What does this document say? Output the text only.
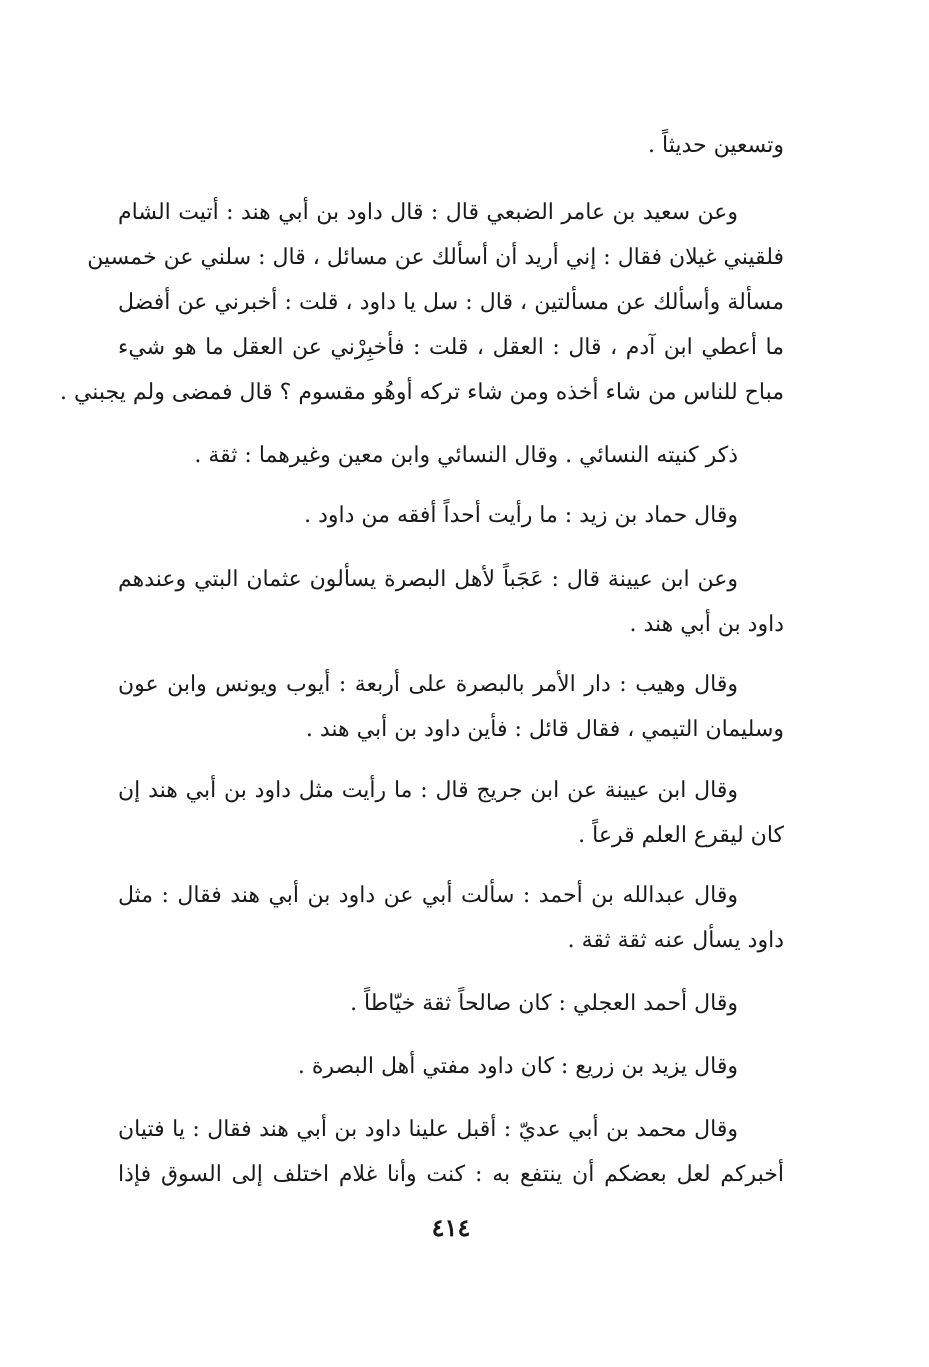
وتسعين حديثاً .

وعن سعيد بن عامر الضبعي قال : قال داود بن أبي هند : أتيت الشام
فلقيني غيلان فقال : إني أريد أن أسألك عن مسائل ، قال : سلني عن خمسين
مسألة وأسألك عن مسألتين ، قال : سل يا داود ، قلت : أخبرني عن أفضل
ما أعطي ابن آدم ، قال : العقل ، قلت : فأخبِرْني عن العقل ما هو شيء
مباح للناس من شاء أخذه ومن شاء تركه أوهُو مقسوم ؟ قال فمضى ولم يجبني .

ذكر كنيته النسائي . وقال النسائي وابن معين وغيرهما : ثقة .

وقال حماد بن زيد : ما رأيت أحداً أفقه من داود .

وعن ابن عيينة قال : عَجَباً لأهل البصرة يسألون عثمان البتي وعندهم
داود بن أبي هند .

وقال وهيب : دار الأمر بالبصرة على أربعة : أيوب ويونس وابن عون
وسليمان التيمي ، فقال قائل : فأين داود بن أبي هند .

وقال ابن عيينة عن ابن جريج قال : ما رأيت مثل داود بن أبي هند إن
كان ليقرع العلم قرعاً .

وقال عبدالله بن أحمد : سألت أبي عن داود بن أبي هند فقال : مثل
داود يسأل عنه ثقة ثقة .

وقال أحمد العجلي : كان صالحاً ثقة خيّاطاً .

وقال يزيد بن زريع : كان داود مفتي أهل البصرة .

وقال محمد بن أبي عديّ : أقبل علينا داود بن أبي هند فقال : يا فتيان
أخبركم لعل بعضكم أن ينتفع به : كنت وأنا غلام اختلف إلى السوق فإذا

٤١٤
